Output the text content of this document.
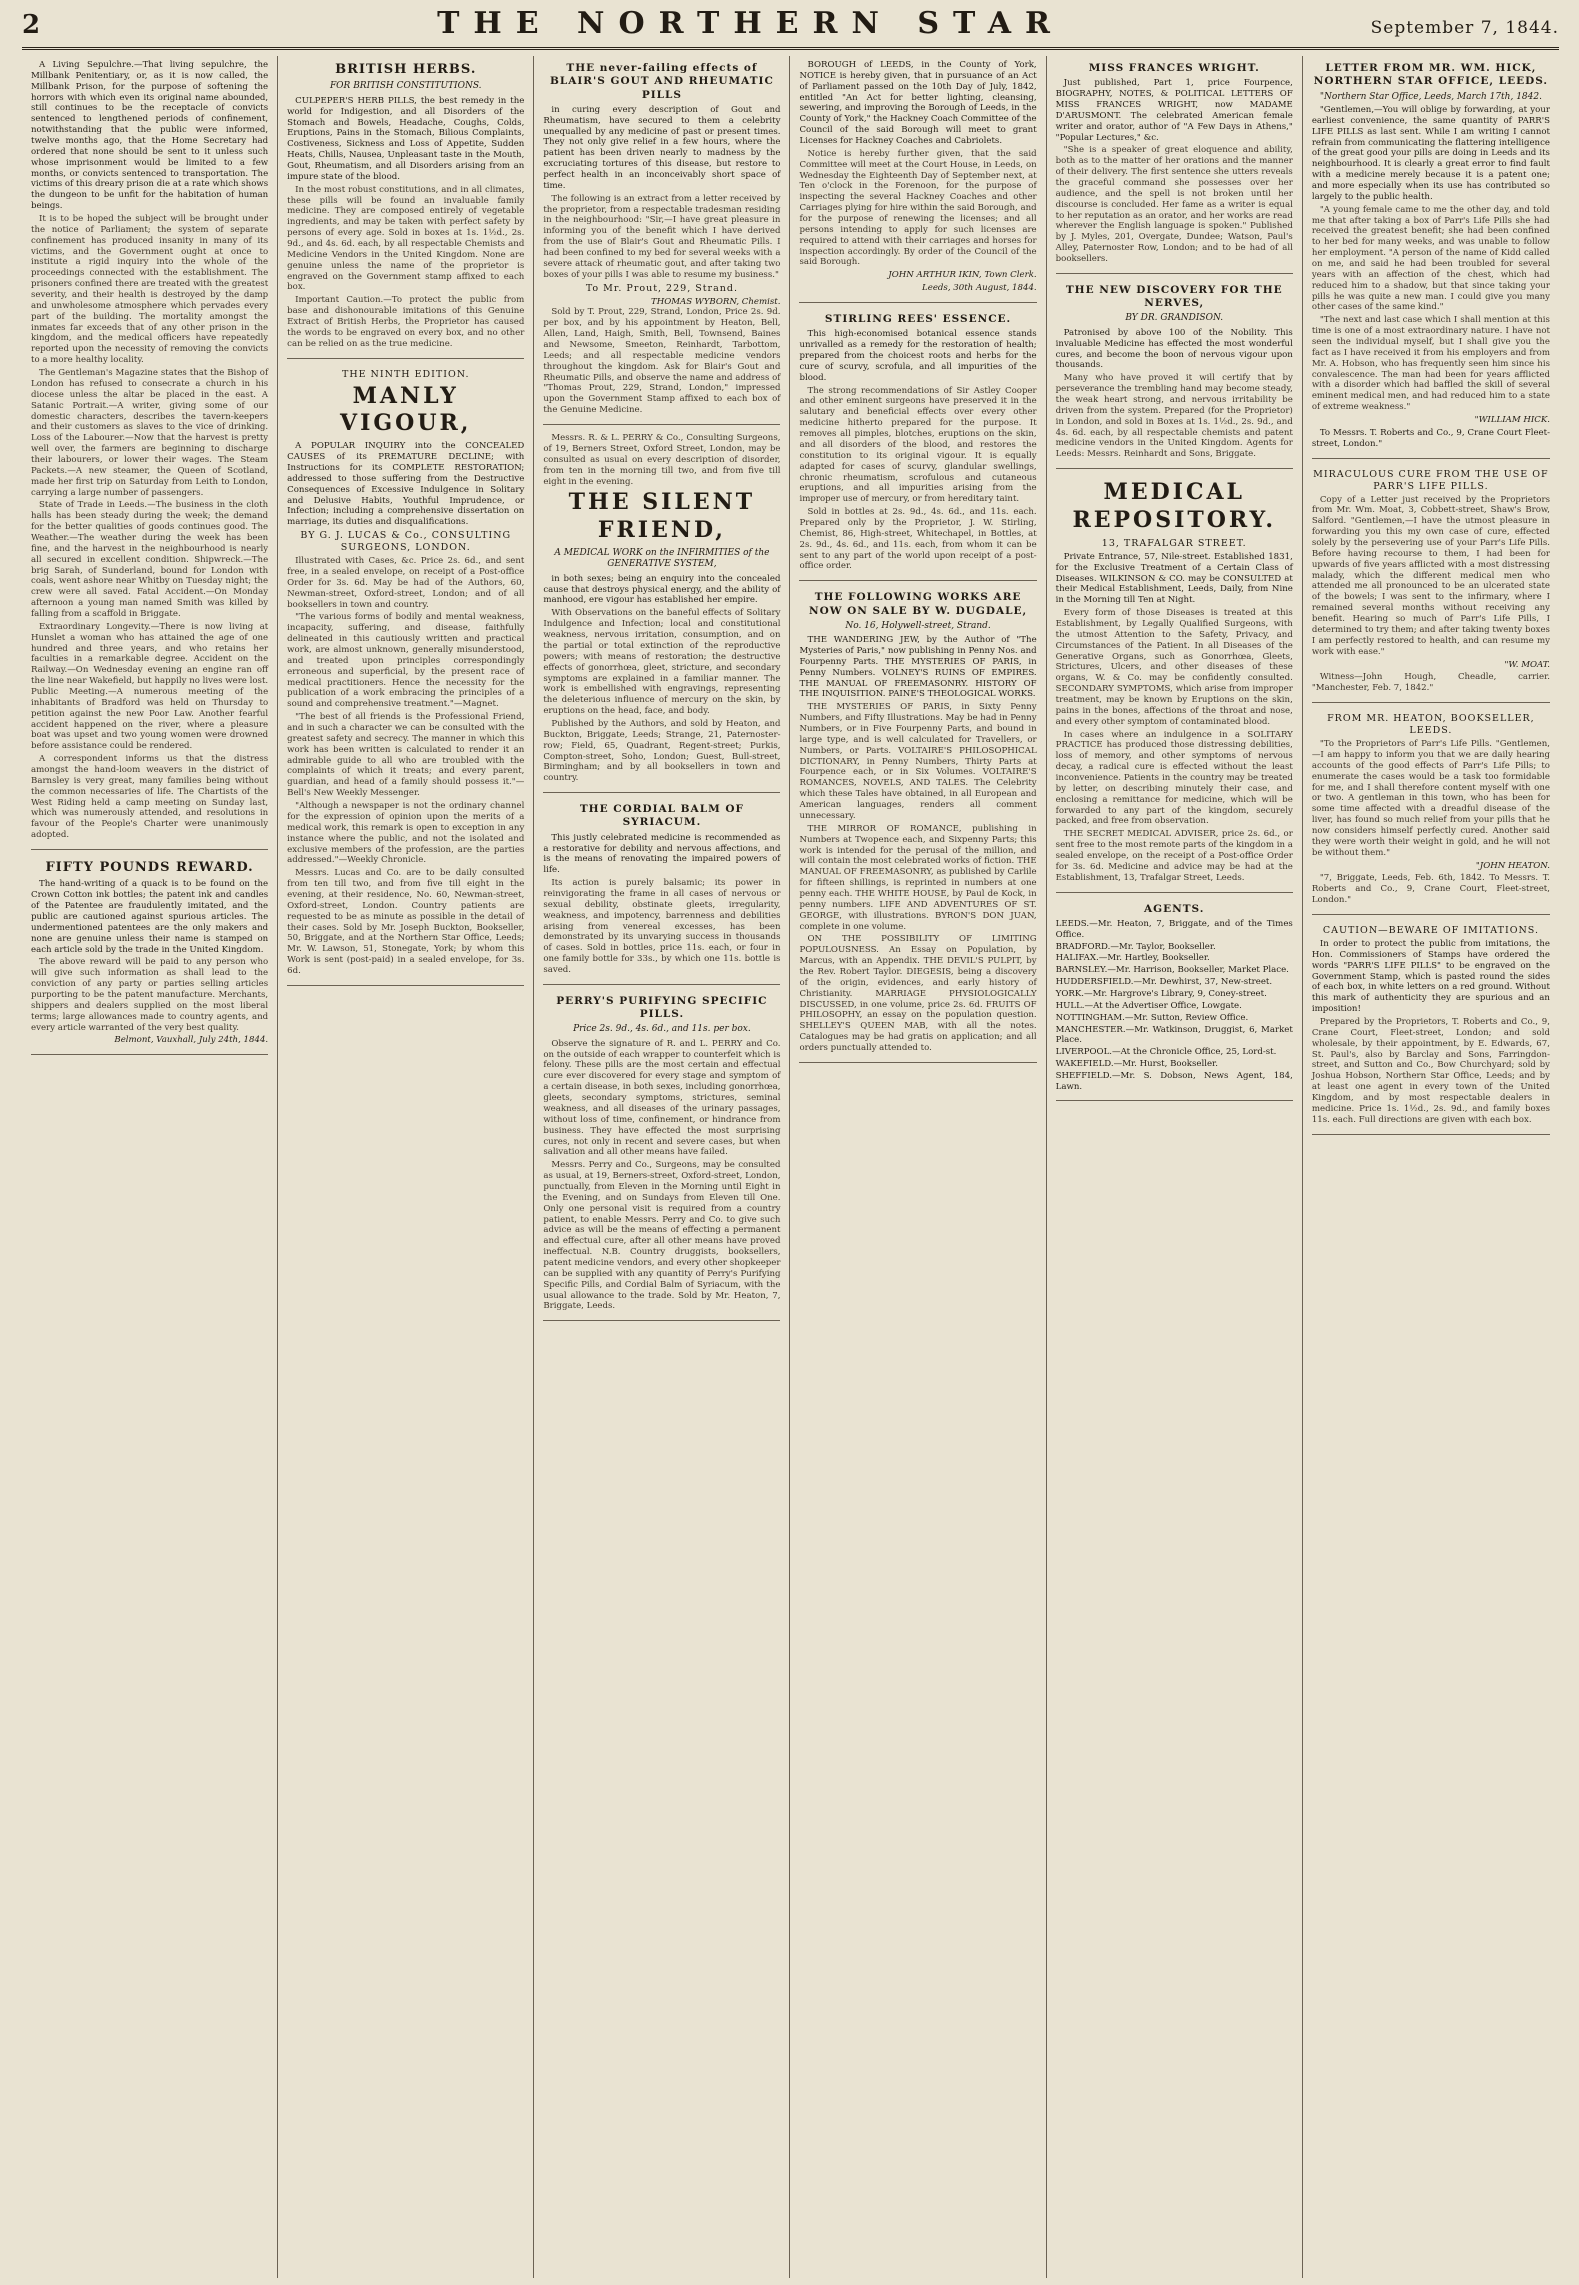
2	THE NORTHERN STAR	September 7, 1844.

A Living Sepulchre.—That living sepulchre, the Millbank Penitentiary, or, as it is now called, the Millbank Prison, for the purpose of softening the horrors with which even its original name abounded, still continues to be the receptacle of convicts sentenced to lengthened periods of confinement, notwithstanding that the public were informed, twelve months ago, that the Home Secretary had ordered that none should be sent to it unless such whose imprisonment would be limited to a few months, or convicts sentenced to transportation. The victims of this dreary prison die at a rate which shows the dungeon to be unfit for the habitation of human beings.

It is to be hoped the subject will be brought under the notice of Parliament; the system of separate confinement has produced insanity in many of its victims, and the Government ought at once to institute a rigid inquiry into the whole of the proceedings connected with the establishment. The prisoners confined there are treated with the greatest severity, and their health is destroyed by the damp and unwholesome atmosphere which pervades every part of the building. The mortality amongst the inmates far exceeds that of any other prison in the kingdom, and the medical officers have repeatedly reported upon the necessity of removing the convicts to a more healthy locality.

The Gentleman's Magazine states that the Bishop of London has refused to consecrate a church in his diocese unless the altar be placed in the east. A Satanic Portrait.—A writer, giving some of our domestic characters, describes the tavern-keepers and their customers as slaves to the vice of drinking. Loss of the Labourer.—Now that the harvest is pretty well over, the farmers are beginning to discharge their labourers, or lower their wages. The Steam Packets.—A new steamer, the Queen of Scotland, made her first trip on Saturday from Leith to London, carrying a large number of passengers.

State of Trade in Leeds.—The business in the cloth halls has been steady during the week; the demand for the better qualities of goods continues good. The Weather.—The weather during the week has been fine, and the harvest in the neighbourhood is nearly all secured in excellent condition. Shipwreck.—The brig Sarah, of Sunderland, bound for London with coals, went ashore near Whitby on Tuesday night; the crew were all saved. Fatal Accident.—On Monday afternoon a young man named Smith was killed by falling from a scaffold in Briggate.

Extraordinary Longevity.—There is now living at Hunslet a woman who has attained the age of one hundred and three years, and who retains her faculties in a remarkable degree. Accident on the Railway.—On Wednesday evening an engine ran off the line near Wakefield, but happily no lives were lost. Public Meeting.—A numerous meeting of the inhabitants of Bradford was held on Thursday to petition against the new Poor Law. Another fearful accident happened on the river, where a pleasure boat was upset and two young women were drowned before assistance could be rendered.

A correspondent informs us that the distress amongst the hand-loom weavers in the district of Barnsley is very great, many families being without the common necessaries of life. The Chartists of the West Riding held a camp meeting on Sunday last, which was numerously attended, and resolutions in favour of the People's Charter were unanimously adopted.

FIFTY POUNDS REWARD.

The hand-writing of a quack is to be found on the Crown Cotton ink bottles; the patent ink and candles of the Patentee are fraudulently imitated, and the public are cautioned against spurious articles. The undermentioned patentees are the only makers and none are genuine unless their name is stamped on each article sold by the trade in the United Kingdom.

The above reward will be paid to any person who will give such information as shall lead to the conviction of any party or parties selling articles purporting to be the patent manufacture. Merchants, shippers and dealers supplied on the most liberal terms; large allowances made to country agents, and every article warranted of the very best quality.

Belmont, Vauxhall, July 24th, 1844.

BRITISH HERBS.
FOR BRITISH CONSTITUTIONS.

CULPEPER'S HERB PILLS, the best remedy in the world for Indigestion, and all Disorders of the Stomach and Bowels, Headache, Coughs, Colds, Eruptions, Pains in the Stomach, Bilious Complaints, Costiveness, Sickness and Loss of Appetite, Sudden Heats, Chills, Nausea, Unpleasant taste in the Mouth, Gout, Rheumatism, and all Disorders arising from an impure state of the blood.

In the most robust constitutions, and in all climates, these pills will be found an invaluable family medicine. They are composed entirely of vegetable ingredients, and may be taken with perfect safety by persons of every age. Sold in boxes at 1s. 1½d., 2s. 9d., and 4s. 6d. each, by all respectable Chemists and Medicine Vendors in the United Kingdom. None are genuine unless the name of the proprietor is engraved on the Government stamp affixed to each box.

Important Caution.—To protect the public from base and dishonourable imitations of this Genuine Extract of British Herbs, the Proprietor has caused the words to be engraved on every box, and no other can be relied on as the true medicine.

THE NINTH EDITION.
MANLY VIGOUR,

A POPULAR INQUIRY into the CONCEALED CAUSES of its PREMATURE DECLINE; with Instructions for its COMPLETE RESTORATION; addressed to those suffering from the Destructive Consequences of Excessive Indulgence in Solitary and Delusive Habits, Youthful Imprudence, or Infection; including a comprehensive dissertation on marriage, its duties and disqualifications.

BY G. J. LUCAS & Co., CONSULTING SURGEONS, LONDON.

Illustrated with Cases, &c. Price 2s. 6d., and sent free, in a sealed envelope, on receipt of a Post-office Order for 3s. 6d. May be had of the Authors, 60, Newman-street, Oxford-street, London; and of all booksellers in town and country.

"The various forms of bodily and mental weakness, incapacity, suffering, and disease, faithfully delineated in this cautiously written and practical work, are almost unknown, generally misunderstood, and treated upon principles correspondingly erroneous and superficial, by the present race of medical practitioners. Hence the necessity for the publication of a work embracing the principles of a sound and comprehensive treatment."—Magnet.

"The best of all friends is the Professional Friend, and in such a character we can be consulted with the greatest safety and secrecy. The manner in which this work has been written is calculated to render it an admirable guide to all who are troubled with the complaints of which it treats; and every parent, guardian, and head of a family should possess it."—Bell's New Weekly Messenger.

"Although a newspaper is not the ordinary channel for the expression of opinion upon the merits of a medical work, this remark is open to exception in any instance where the public, and not the isolated and exclusive members of the profession, are the parties addressed."—Weekly Chronicle.

Messrs. Lucas and Co. are to be daily consulted from ten till two, and from five till eight in the evening, at their residence, No. 60, Newman-street, Oxford-street, London. Country patients are requested to be as minute as possible in the detail of their cases. Sold by Mr. Joseph Buckton, Bookseller, 50, Briggate, and at the Northern Star Office, Leeds; Mr. W. Lawson, 51, Stonegate, York; by whom this Work is sent (post-paid) in a sealed envelope, for 3s. 6d.

THE never-failing effects of BLAIR'S GOUT AND RHEUMATIC PILLS

in curing every description of Gout and Rheumatism, have secured to them a celebrity unequalled by any medicine of past or present times. They not only give relief in a few hours, where the patient has been driven nearly to madness by the excruciating tortures of this disease, but restore to perfect health in an inconceivably short space of time.

The following is an extract from a letter received by the proprietor, from a respectable tradesman residing in the neighbourhood: "Sir,—I have great pleasure in informing you of the benefit which I have derived from the use of Blair's Gout and Rheumatic Pills. I had been confined to my bed for several weeks with a severe attack of rheumatic gout, and after taking two boxes of your pills I was able to resume my business."

To Mr. Prout, 229, Strand.
THOMAS WYBORN, Chemist.

Sold by T. Prout, 229, Strand, London, Price 2s. 9d. per box, and by his appointment by Heaton, Bell, Allen, Land, Haigh, Smith, Bell, Townsend, Baines and Newsome, Smeeton, Reinhardt, Tarbottom, Leeds; and all respectable medicine vendors throughout the kingdom. Ask for Blair's Gout and Rheumatic Pills, and observe the name and address of "Thomas Prout, 229, Strand, London," impressed upon the Government Stamp affixed to each box of the Genuine Medicine.

Messrs. R. & L. PERRY & Co., Consulting Surgeons, of 19, Berners Street, Oxford Street, London, may be consulted as usual on every description of disorder, from ten in the morning till two, and from five till eight in the evening.

THE SILENT FRIEND,
A MEDICAL WORK on the INFIRMITIES of the GENERATIVE SYSTEM,

in both sexes; being an enquiry into the concealed cause that destroys physical energy, and the ability of manhood, ere vigour has established her empire.

With Observations on the baneful effects of Solitary Indulgence and Infection; local and constitutional weakness, nervous irritation, consumption, and on the partial or total extinction of the reproductive powers; with means of restoration; the destructive effects of gonorrhœa, gleet, stricture, and secondary symptoms are explained in a familiar manner. The work is embellished with engravings, representing the deleterious influence of mercury on the skin, by eruptions on the head, face, and body.

Published by the Authors, and sold by Heaton, and Buckton, Briggate, Leeds; Strange, 21, Paternoster-row; Field, 65, Quadrant, Regent-street; Purkis, Compton-street, Soho, London; Guest, Bull-street, Birmingham; and by all booksellers in town and country.

THE CORDIAL BALM OF SYRIACUM.

This justly celebrated medicine is recommended as a restorative for debility and nervous affections, and is the means of renovating the impaired powers of life.

Its action is purely balsamic; its power in reinvigorating the frame in all cases of nervous or sexual debility, obstinate gleets, irregularity, weakness, and impotency, barrenness and debilities arising from venereal excesses, has been demonstrated by its unvarying success in thousands of cases. Sold in bottles, price 11s. each, or four in one family bottle for 33s., by which one 11s. bottle is saved.

PERRY'S PURIFYING SPECIFIC PILLS.
Price 2s. 9d., 4s. 6d., and 11s. per box.

Observe the signature of R. and L. PERRY and Co. on the outside of each wrapper to counterfeit which is felony. These pills are the most certain and effectual cure ever discovered for every stage and symptom of a certain disease, in both sexes, including gonorrhœa, gleets, secondary symptoms, strictures, seminal weakness, and all diseases of the urinary passages, without loss of time, confinement, or hindrance from business. They have effected the most surprising cures, not only in recent and severe cases, but when salivation and all other means have failed.

Messrs. Perry and Co., Surgeons, may be consulted as usual, at 19, Berners-street, Oxford-street, London, punctually, from Eleven in the Morning until Eight in the Evening, and on Sundays from Eleven till One. Only one personal visit is required from a country patient, to enable Messrs. Perry and Co. to give such advice as will be the means of effecting a permanent and effectual cure, after all other means have proved ineffectual. N.B. Country druggists, booksellers, patent medicine vendors, and every other shopkeeper can be supplied with any quantity of Perry's Purifying Specific Pills, and Cordial Balm of Syriacum, with the usual allowance to the trade. Sold by Mr. Heaton, 7, Briggate, Leeds.

BOROUGH of LEEDS, in the County of York, NOTICE is hereby given, that in pursuance of an Act of Parliament passed on the 10th Day of July, 1842, entitled "An Act for better lighting, cleansing, sewering, and improving the Borough of Leeds, in the County of York," the Hackney Coach Committee of the Council of the said Borough will meet to grant Licenses for Hackney Coaches and Cabriolets.

Notice is hereby further given, that the said Committee will meet at the Court House, in Leeds, on Wednesday the Eighteenth Day of September next, at Ten o'clock in the Forenoon, for the purpose of inspecting the several Hackney Coaches and other Carriages plying for hire within the said Borough, and for the purpose of renewing the licenses; and all persons intending to apply for such licenses are required to attend with their carriages and horses for inspection accordingly. By order of the Council of the said Borough.

JOHN ARTHUR IKIN, Town Clerk.

Leeds, 30th August, 1844.

STIRLING REES' ESSENCE.

This high-economised botanical essence stands unrivalled as a remedy for the restoration of health; prepared from the choicest roots and herbs for the cure of scurvy, scrofula, and all impurities of the blood.

The strong recommendations of Sir Astley Cooper and other eminent surgeons have preserved it in the salutary and beneficial effects over every other medicine hitherto prepared for the purpose. It removes all pimples, blotches, eruptions on the skin, and all disorders of the blood, and restores the constitution to its original vigour. It is equally adapted for cases of scurvy, glandular swellings, chronic rheumatism, scrofulous and cutaneous eruptions, and all impurities arising from the improper use of mercury, or from hereditary taint.

Sold in bottles at 2s. 9d., 4s. 6d., and 11s. each. Prepared only by the Proprietor, J. W. Stirling, Chemist, 86, High-street, Whitechapel, in Bottles, at 2s. 9d., 4s. 6d., and 11s. each, from whom it can be sent to any part of the world upon receipt of a post-office order.

THE FOLLOWING WORKS ARE NOW ON SALE BY W. DUGDALE,
No. 16, Holywell-street, Strand.

THE WANDERING JEW, by the Author of "The Mysteries of Paris," now publishing in Penny Nos. and Fourpenny Parts. THE MYSTERIES OF PARIS, in Penny Numbers. VOLNEY'S RUINS OF EMPIRES. THE MANUAL OF FREEMASONRY. HISTORY OF THE INQUISITION. PAINE'S THEOLOGICAL WORKS.

THE MYSTERIES OF PARIS, in Sixty Penny Numbers, and Fifty Illustrations. May be had in Penny Numbers, or in Five Fourpenny Parts, and bound in large type, and is well calculated for Travellers, or Numbers, or Parts. VOLTAIRE'S PHILOSOPHICAL DICTIONARY, in Penny Numbers, Thirty Parts at Fourpence each, or in Six Volumes. VOLTAIRE'S ROMANCES, NOVELS, AND TALES. The Celebrity which these Tales have obtained, in all European and American languages, renders all comment unnecessary.

THE MIRROR OF ROMANCE, publishing in Numbers at Twopence each, and Sixpenny Parts; this work is intended for the perusal of the million, and will contain the most celebrated works of fiction. THE MANUAL OF FREEMASONRY, as published by Carlile for fifteen shillings, is reprinted in numbers at one penny each. THE WHITE HOUSE, by Paul de Kock, in penny numbers. LIFE AND ADVENTURES OF ST. GEORGE, with illustrations. BYRON'S DON JUAN, complete in one volume.

ON THE POSSIBILITY OF LIMITING POPULOUSNESS. An Essay on Population, by Marcus, with an Appendix. THE DEVIL'S PULPIT, by the Rev. Robert Taylor. DIEGESIS, being a discovery of the origin, evidences, and early history of Christianity. MARRIAGE PHYSIOLOGICALLY DISCUSSED, in one volume, price 2s. 6d. FRUITS OF PHILOSOPHY, an essay on the population question. SHELLEY'S QUEEN MAB, with all the notes. Catalogues may be had gratis on application; and all orders punctually attended to.

MISS FRANCES WRIGHT.

Just published, Part 1, price Fourpence, BIOGRAPHY, NOTES, & POLITICAL LETTERS OF MISS FRANCES WRIGHT, now MADAME D'ARUSMONT. The celebrated American female writer and orator, author of "A Few Days in Athens," "Popular Lectures," &c.

"She is a speaker of great eloquence and ability, both as to the matter of her orations and the manner of their delivery. The first sentence she utters reveals the graceful command she possesses over her audience, and the spell is not broken until her discourse is concluded. Her fame as a writer is equal to her reputation as an orator, and her works are read wherever the English language is spoken." Published by J. Myles, 201, Overgate, Dundee; Watson, Paul's Alley, Paternoster Row, London; and to be had of all booksellers.

THE NEW DISCOVERY FOR THE NERVES,
BY DR. GRANDISON.

Patronised by above 100 of the Nobility. This invaluable Medicine has effected the most wonderful cures, and become the boon of nervous vigour upon thousands.

Many who have proved it will certify that by perseverance the trembling hand may become steady, the weak heart strong, and nervous irritability be driven from the system. Prepared (for the Proprietor) in London, and sold in Boxes at 1s. 1½d., 2s. 9d., and 4s. 6d. each, by all respectable chemists and patent medicine vendors in the United Kingdom. Agents for Leeds: Messrs. Reinhardt and Sons, Briggate.

MEDICAL REPOSITORY.
13, TRAFALGAR STREET.

Private Entrance, 57, Nile-street. Established 1831, for the Exclusive Treatment of a Certain Class of Diseases. WILKINSON & CO. may be CONSULTED at their Medical Establishment, Leeds, Daily, from Nine in the Morning till Ten at Night.

Every form of those Diseases is treated at this Establishment, by Legally Qualified Surgeons, with the utmost Attention to the Safety, Privacy, and Circumstances of the Patient. In all Diseases of the Generative Organs, such as Gonorrhœa, Gleets, Strictures, Ulcers, and other diseases of these organs, W. & Co. may be confidently consulted. SECONDARY SYMPTOMS, which arise from improper treatment, may be known by Eruptions on the skin, pains in the bones, affections of the throat and nose, and every other symptom of contaminated blood.

In cases where an indulgence in a SOLITARY PRACTICE has produced those distressing debilities, loss of memory, and other symptoms of nervous decay, a radical cure is effected without the least inconvenience. Patients in the country may be treated by letter, on describing minutely their case, and enclosing a remittance for medicine, which will be forwarded to any part of the kingdom, securely packed, and free from observation.

THE SECRET MEDICAL ADVISER, price 2s. 6d., or sent free to the most remote parts of the kingdom in a sealed envelope, on the receipt of a Post-office Order for 3s. 6d. Medicine and advice may be had at the Establishment, 13, Trafalgar Street, Leeds.

AGENTS.
LEEDS.—Mr. Heaton, 7, Briggate, and of the Times Office.
BRADFORD.—Mr. Taylor, Bookseller.
HALIFAX.—Mr. Hartley, Bookseller.
BARNSLEY.—Mr. Harrison, Bookseller, Market Place.
HUDDERSFIELD.—Mr. Dewhirst, 37, New-street.
YORK.—Mr. Hargrove's Library, 9, Coney-street.
HULL.—At the Advertiser Office, Lowgate.
NOTTINGHAM.—Mr. Sutton, Review Office.
MANCHESTER.—Mr. Watkinson, Druggist, 6, Market Place.
LIVERPOOL.—At the Chronicle Office, 25, Lord-st.
WAKEFIELD.—Mr. Hurst, Bookseller.
SHEFFIELD.—Mr. S. Dobson, News Agent, 184, Lawn.
LETTER FROM MR. WM. HICK, NORTHERN STAR OFFICE, LEEDS.

"Northern Star Office, Leeds, March 17th, 1842.

"Gentlemen,—You will oblige by forwarding, at your earliest convenience, the same quantity of PARR'S LIFE PILLS as last sent. While I am writing I cannot refrain from communicating the flattering intelligence of the great good your pills are doing in Leeds and its neighbourhood. It is clearly a great error to find fault with a medicine merely because it is a patent one; and more especially when its use has contributed so largely to the public health.

"A young female came to me the other day, and told me that after taking a box of Parr's Life Pills she had received the greatest benefit; she had been confined to her bed for many weeks, and was unable to follow her employment. "A person of the name of Kidd called on me, and said he had been troubled for several years with an affection of the chest, which had reduced him to a shadow, but that since taking your pills he was quite a new man. I could give you many other cases of the same kind."

"The next and last case which I shall mention at this time is one of a most extraordinary nature. I have not seen the individual myself, but I shall give you the fact as I have received it from his employers and from Mr. A. Hobson, who has frequently seen him since his convalescence. The man had been for years afflicted with a disorder which had baffled the skill of several eminent medical men, and had reduced him to a state of extreme weakness."

"WILLIAM HICK.

To Messrs. T. Roberts and Co., 9, Crane Court Fleet-street, London."

MIRACULOUS CURE FROM THE USE OF PARR'S LIFE PILLS.

Copy of a Letter just received by the Proprietors from Mr. Wm. Moat, 3, Cobbett-street, Shaw's Brow, Salford. "Gentlemen,—I have the utmost pleasure in forwarding you this my own case of cure, effected solely by the persevering use of your Parr's Life Pills. Before having recourse to them, I had been for upwards of five years afflicted with a most distressing malady, which the different medical men who attended me all pronounced to be an ulcerated state of the bowels; I was sent to the infirmary, where I remained several months without receiving any benefit. Hearing so much of Parr's Life Pills, I determined to try them; and after taking twenty boxes I am perfectly restored to health, and can resume my work with ease."

"W. MOAT.

Witness—John Hough, Cheadle, carrier. "Manchester, Feb. 7, 1842."

FROM MR. HEATON, BOOKSELLER, LEEDS.

"To the Proprietors of Parr's Life Pills. "Gentlemen,—I am happy to inform you that we are daily hearing accounts of the good effects of Parr's Life Pills; to enumerate the cases would be a task too formidable for me, and I shall therefore content myself with one or two. A gentleman in this town, who has been for some time affected with a dreadful disease of the liver, has found so much relief from your pills that he now considers himself perfectly cured. Another said they were worth their weight in gold, and he will not be without them."

"JOHN HEATON.

"7, Briggate, Leeds, Feb. 6th, 1842. To Messrs. T. Roberts and Co., 9, Crane Court, Fleet-street, London."

CAUTION—BEWARE OF IMITATIONS.

In order to protect the public from imitations, the Hon. Commissioners of Stamps have ordered the words "PARR'S LIFE PILLS" to be engraved on the Government Stamp, which is pasted round the sides of each box, in white letters on a red ground. Without this mark of authenticity they are spurious and an imposition!

Prepared by the Proprietors, T. Roberts and Co., 9, Crane Court, Fleet-street, London; and sold wholesale, by their appointment, by E. Edwards, 67, St. Paul's, also by Barclay and Sons, Farringdon-street, and Sutton and Co., Bow Churchyard; sold by Joshua Hobson, Northern Star Office, Leeds; and by at least one agent in every town of the United Kingdom, and by most respectable dealers in medicine. Price 1s. 1½d., 2s. 9d., and family boxes 11s. each. Full directions are given with each box.
